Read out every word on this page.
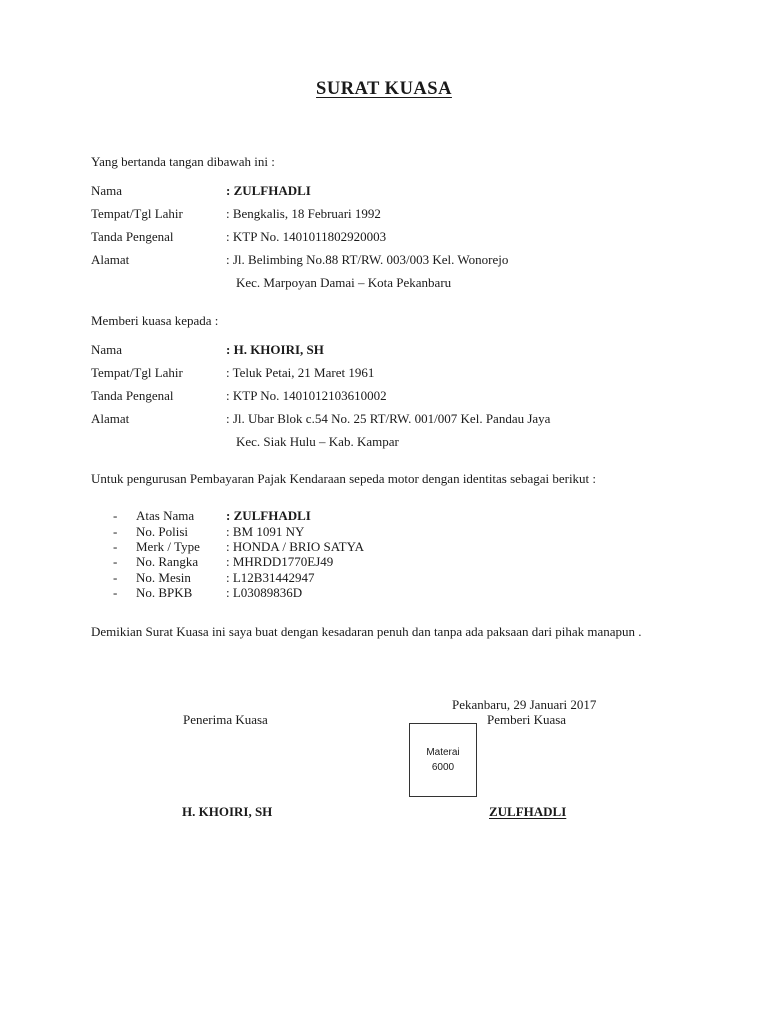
SURAT KUASA
Yang bertanda tangan dibawah ini :
Nama	: ZULFHADLI
Tempat/Tgl Lahir	: Bengkalis, 18 Februari 1992
Tanda Pengenal	: KTP No. 1401011802920003
Alamat	: Jl. Belimbing No.88 RT/RW. 003/003 Kel. Wonorejo
Kec. Marpoyan Damai – Kota Pekanbaru
Memberi kuasa kepada :
Nama	: H. KHOIRI, SH
Tempat/Tgl Lahir	: Teluk Petai, 21 Maret 1961
Tanda Pengenal	: KTP No. 1401012103610002
Alamat	: Jl. Ubar Blok c.54 No. 25 RT/RW. 001/007 Kel. Pandau Jaya
Kec. Siak Hulu – Kab. Kampar
Untuk pengurusan Pembayaran Pajak Kendaraan sepeda motor dengan identitas sebagai berikut :
- Atas Nama : ZULFHADLI
- No. Polisi	: BM 1091 NY
- Merk / Type : HONDA / BRIO SATYA
- No. Rangka : MHRDD1770EJ49
- No. Mesin	: L12B31442947
- No. BPKB	: L03089836D
Demikian Surat Kuasa ini saya buat dengan kesadaran penuh dan tanpa ada paksaan dari pihak manapun .
Pekanbaru, 29 Januari 2017
Penerima Kuasa	Pemberi Kuasa
Materai
6000
H. KHOIRI, SH	ZULFHADLI
